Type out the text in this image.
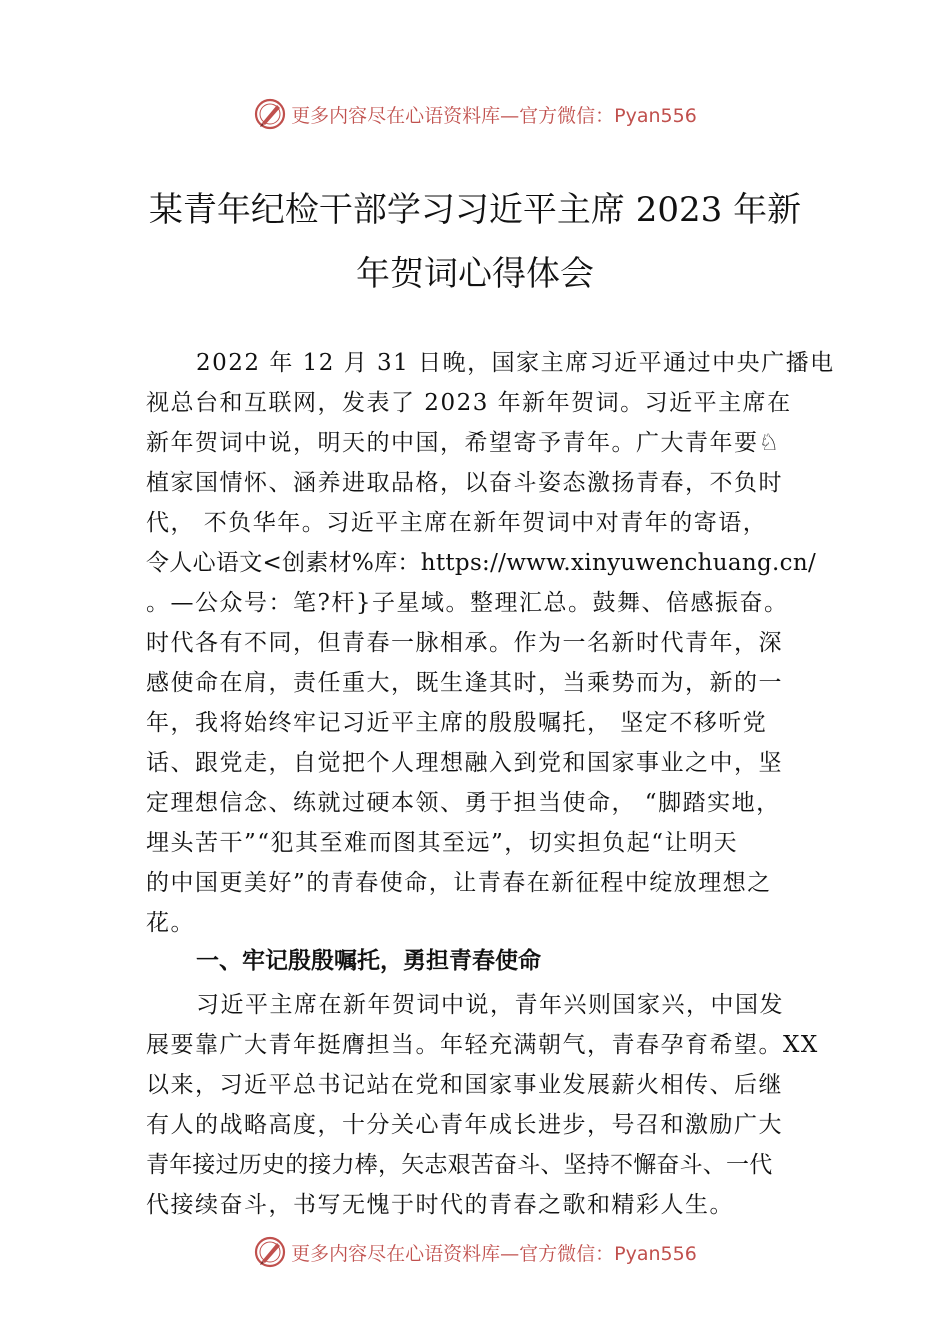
更多内容尽在心语资料库—官方微信：Pyan556
某青年纪检干部学习习近平主席 2023 年新
年贺词心得体会
2022 年 12 月 31 日晚，国家主席习近平通过中央广播电
视总台和互联网，发表了 2023 年新年贺词。习近平主席在
新年贺词中说，明天的中国，希望寄予青年。广大青年要♘
植家国情怀、涵养进取品格，以奋斗姿态激扬青春，不负时
代， 不负华年。习近平主席在新年贺词中对青年的寄语，
令人心语文<创素材%库：https://www.xinyuwenchuang.cn/
。—公众号：笔?杆}子星域。整理汇总。鼓舞、倍感振奋。
时代各有不同，但青春一脉相承。作为一名新时代青年，深
感使命在肩，责任重大，既生逢其时，当乘势而为，新的一
年，我将始终牢记习近平主席的殷殷嘱托， 坚定不移听党
话、跟党走，自觉把个人理想融入到党和国家事业之中，坚
定理想信念、练就过硬本领、勇于担当使命， “脚踏实地，
埋头苦干”“犯其至难而图其至远”，切实担负起“让明天
的中国更美好”的青春使命，让青春在新征程中绽放理想之
花。
一、牢记殷殷嘱托，勇担青春使命
习近平主席在新年贺词中说，青年兴则国家兴，中国发
展要靠广大青年挺膺担当。年轻充满朝气，青春孕育希望。XX
以来，习近平总书记站在党和国家事业发展薪火相传、后继
有人的战略高度，十分关心青年成长进步，号召和激励广大
青年接过历史的接力棒，矢志艰苦奋斗、坚持不懈奋斗、一代
代接续奋斗，书写无愧于时代的青春之歌和精彩人生。
更多内容尽在心语资料库—官方微信：Pyan556
